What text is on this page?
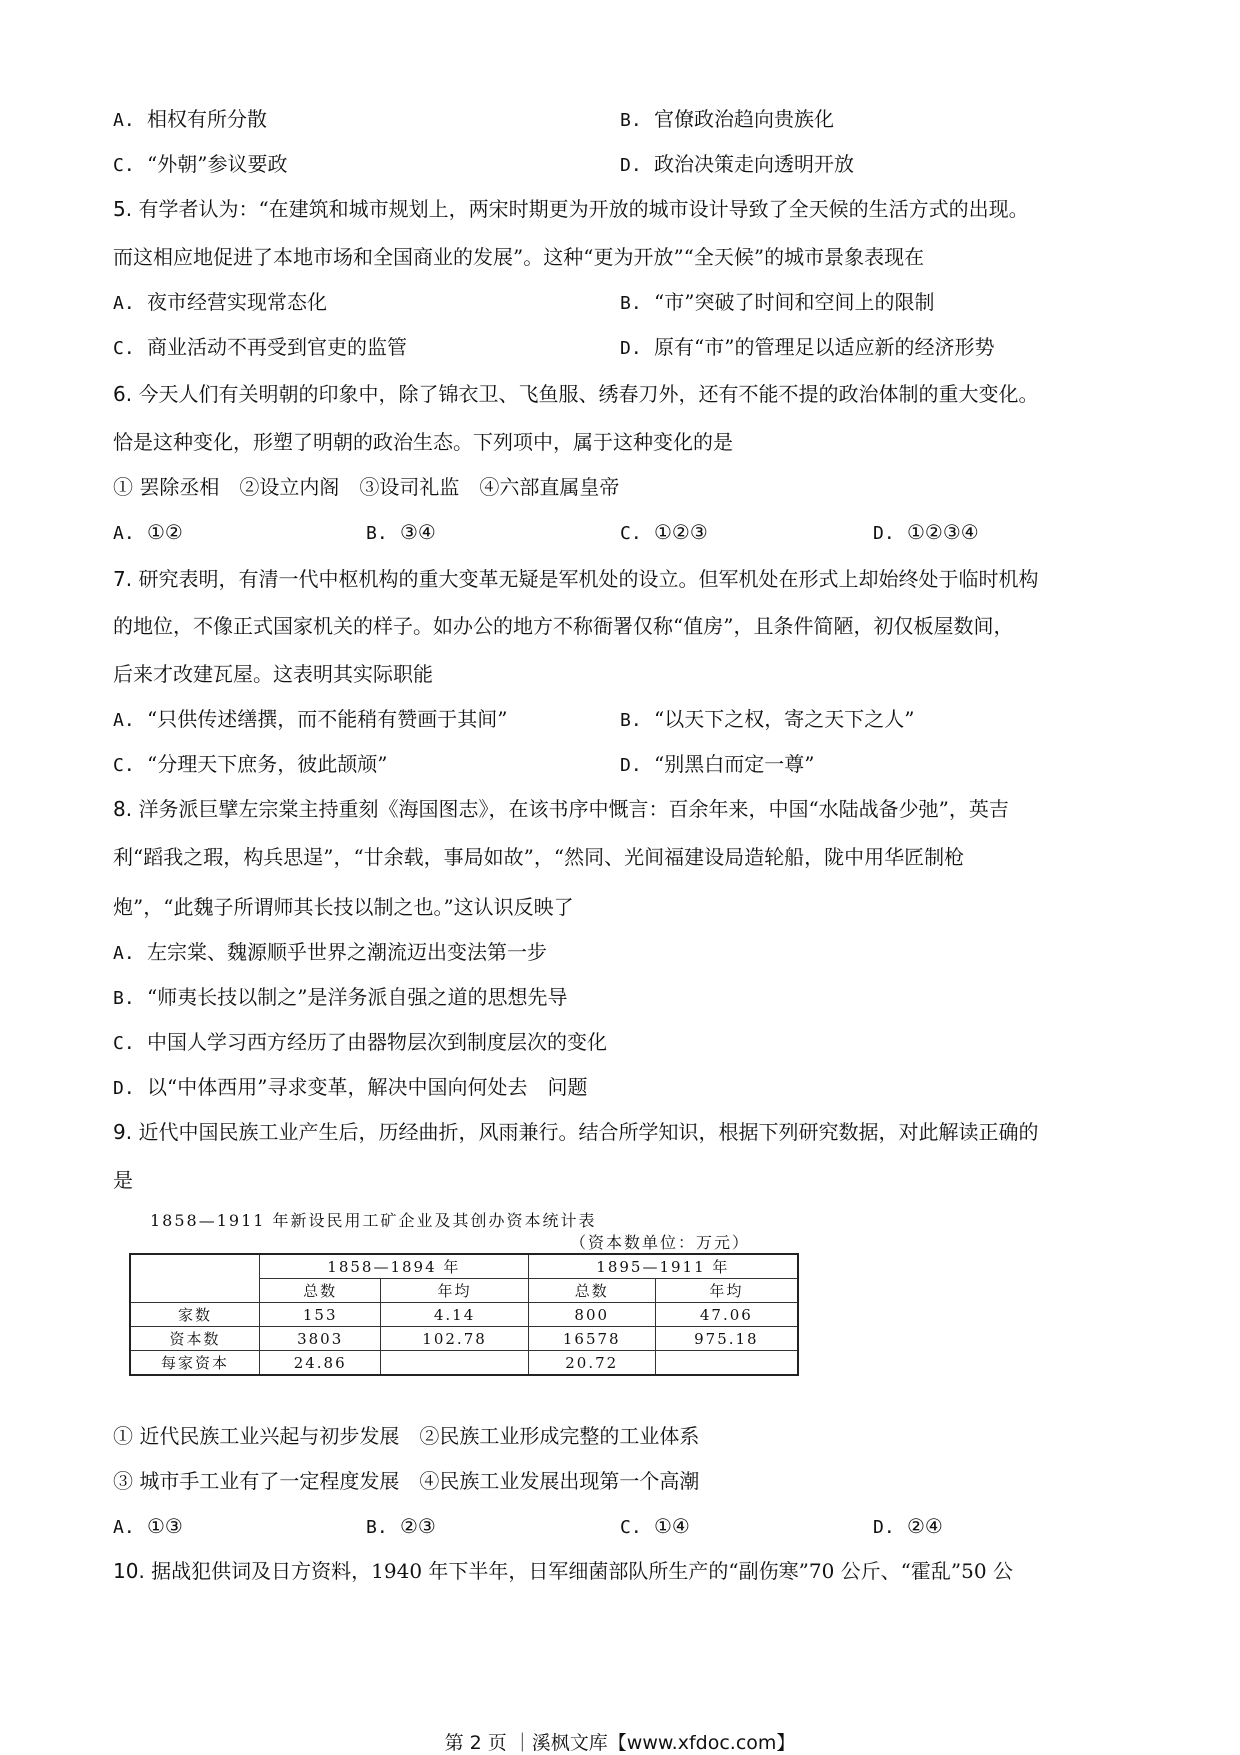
A. 相权有所分散	B. 官僚政治趋向贵族化
C. “外朝”参议要政	D. 政治决策走向透明开放
5. 有学者认为：“在建筑和城市规划上，两宋时期更为开放的城市设计导致了全天候的生活方式的出现。
而这相应地促进了本地市场和全国商业的发展”。这种“更为开放”“全天候”的城市景象表现在
A. 夜市经营实现常态化	B. “市”突破了时间和空间上的限制
C. 商业活动不再受到官吏的监管	D. 原有“市”的管理足以适应新的经济形势
6. 今天人们有关明朝的印象中，除了锦衣卫、飞鱼服、绣春刀外，还有不能不提的政治体制的重大变化。
恰是这种变化，形塑了明朝的政治生态。下列项中，属于这种变化的是
① 罢除丞相　②设立内阁　③设司礼监　④六部直属皇帝
A. ①②	B. ③④	C. ①②③	D. ①②③④
7. 研究表明，有清一代中枢机构的重大变革无疑是军机处的设立。但军机处在形式上却始终处于临时机构
的地位，不像正式国家机关的样子。如办公的地方不称衙署仅称“值房”，且条件简陋，初仅板屋数间，
后来才改建瓦屋。这表明其实际职能
A. “只供传述缮撰，而不能稍有赞画于其间”	B. “以天下之权，寄之天下之人”
C. “分理天下庶务，彼此颉颃”	D. “别黑白而定一尊”
8. 洋务派巨擘左宗棠主持重刻《海国图志》，在该书序中慨言：百余年来，中国“水陆战备少弛”，英吉
利“蹈我之瑕，构兵思逞”，“廿余载，事局如故”，“然同、光间福建设局造轮船，陇中用华匠制枪
炮”，“此魏子所谓师其长技以制之也。”这认识反映了
A. 左宗棠、魏源顺乎世界之潮流迈出变法第一步
B. “师夷长技以制之”是洋务派自强之道的思想先导
C. 中国人学习西方经历了由器物层次到制度层次的变化
D. 以“中体西用”寻求变革，解决中国向何处去　问题
9. 近代中国民族工业产生后，历经曲折，风雨兼行。结合所学知识，根据下列研究数据，对此解读正确的
是
1858—1911 年新设民用工矿企业及其创办资本统计表
（资本数单位：万元）
	1858—1894 年		1895—1911 年	
	总数	年均	总数	年均
家数	153	4.14	800	47.06
资本数	3803	102.78	16578	975.18
每家资本	24.86		20.72	
① 近代民族工业兴起与初步发展　②民族工业形成完整的工业体系
③ 城市手工业有了一定程度发展　④民族工业发展出现第一个高潮
A. ①③	B. ②③	C. ①④	D. ②④
10. 据战犯供词及日方资料，1940 年下半年，日军细菌部队所生产的“副伤寒”70 公斤、“霍乱”50 公
第 2 页 ｜溪枫文库【www.xfdoc.com】
